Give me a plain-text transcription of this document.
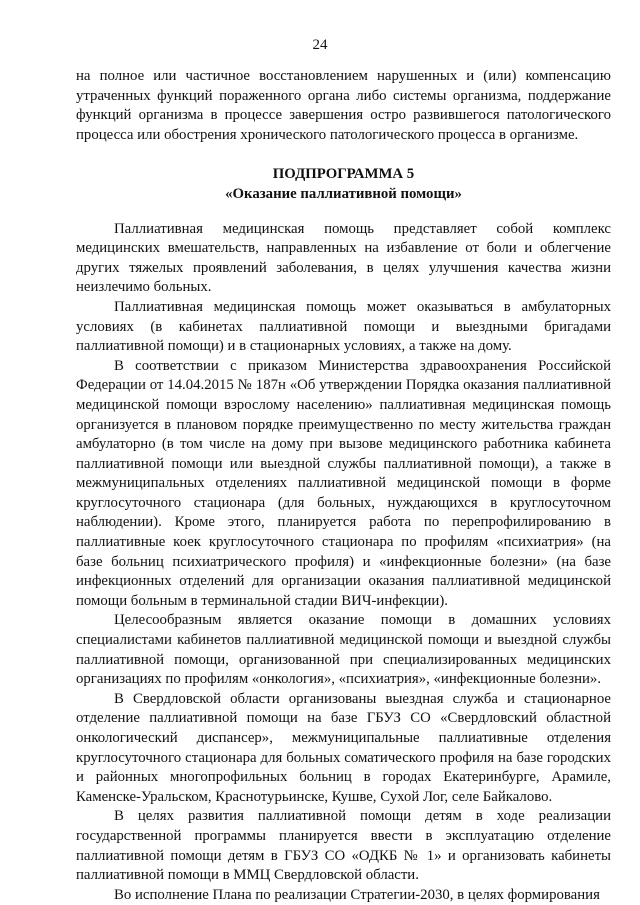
24

на полное или частичное восстановлением нарушенных и (или) компенсацию утраченных функций пораженного органа либо системы организма, поддержание функций организма в процессе завершения остро развившегося патологического процесса или обострения хронического патологического процесса в организме.

ПОДПРОГРАММА 5
«Оказание паллиативной помощи»

Паллиативная медицинская помощь представляет собой комплекс медицинских вмешательств, направленных на избавление от боли и облегчение других тяжелых проявлений заболевания, в целях улучшения качества жизни неизлечимо больных.

Паллиативная медицинская помощь может оказываться в амбулаторных условиях (в кабинетах паллиативной помощи и выездными бригадами паллиативной помощи) и в стационарных условиях, а также на дому.

В соответствии с приказом Министерства здравоохранения Российской Федерации от 14.04.2015 № 187н «Об утверждении Порядка оказания паллиативной медицинской помощи взрослому населению» паллиативная медицинская помощь организуется в плановом порядке преимущественно по месту жительства граждан амбулаторно (в том числе на дому при вызове медицинского работника кабинета паллиативной помощи или выездной службы паллиативной помощи), а также в межмуниципальных отделениях паллиативной медицинской помощи в форме круглосуточного стационара (для больных, нуждающихся в круглосуточном наблюдении). Кроме этого, планируется работа по перепрофилированию в паллиативные коек круглосуточного стационара по профилям «психиатрия» (на базе больниц психиатрического профиля) и «инфекционные болезни» (на базе инфекционных отделений для организации оказания паллиативной медицинской помощи больным в терминальной стадии ВИЧ-инфекции).

Целесообразным является оказание помощи в домашних условиях специалистами кабинетов паллиативной медицинской помощи и выездной службы паллиативной помощи, организованной при специализированных медицинских организациях по профилям «онкология», «психиатрия», «инфекционные болезни».

В Свердловской области организованы выездная служба и стационарное отделение паллиативной помощи на базе ГБУЗ СО «Свердловский областной онкологический диспансер», межмуниципальные паллиативные отделения круглосуточного стационара для больных соматического профиля на базе городских и районных многопрофильных больниц в городах Екатеринбурге, Арамиле, Каменске-Уральском, Краснотурьинске, Кушве, Сухой Лог, селе Байкалово.

В целях развития паллиативной помощи детям в ходе реализации государственной программы планируется ввести в эксплуатацию отделение паллиативной помощи детям в ГБУЗ СО «ОДКБ № 1» и организовать кабинеты паллиативной помощи в ММЦ Свердловской области.

Во исполнение Плана по реализации Стратегии-2030, в целях формирования
